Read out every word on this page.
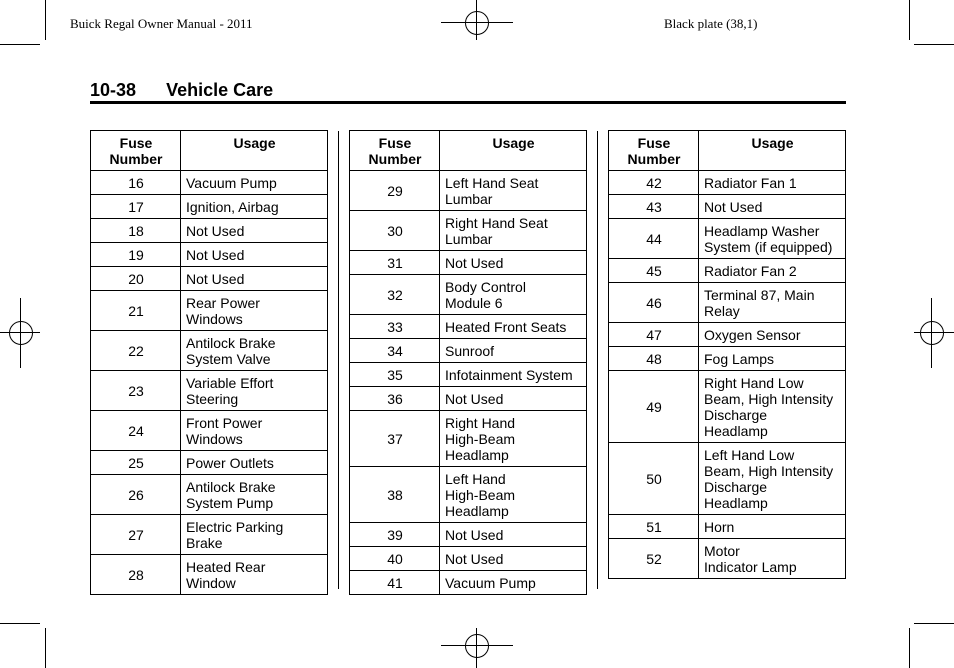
Buick Regal Owner Manual - 2011	Black plate (38,1)
10-38 Vehicle Care
Fuse
Number	Usage
16	Vacuum Pump
17	Ignition, Airbag
18	Not Used
19	Not Used
20	Not Used
21	Rear Power
Windows
22	Antilock Brake
System Valve
23	Variable Effort
Steering
24	Front Power
Windows
25	Power Outlets
26	Antilock Brake
System Pump
27	Electric Parking
Brake
28	Heated Rear
Window
Fuse
Number	Usage
29	Left Hand Seat
Lumbar
30	Right Hand Seat
Lumbar
31	Not Used
32	Body Control
Module 6
33	Heated Front Seats
34	Sunroof
35	Infotainment System
36	Not Used
37	Right Hand
High-Beam
Headlamp
38	Left Hand
High-Beam
Headlamp
39	Not Used
40	Not Used
41	Vacuum Pump
Fuse
Number	Usage
42	Radiator Fan 1
43	Not Used
44	Headlamp Washer
System (if equipped)
45	Radiator Fan 2
46	Terminal 87, Main
Relay
47	Oxygen Sensor
48	Fog Lamps
49	Right Hand Low
Beam, High Intensity
Discharge
Headlamp
50	Left Hand Low
Beam, High Intensity
Discharge
Headlamp
51	Horn
52	Motor
Indicator Lamp
